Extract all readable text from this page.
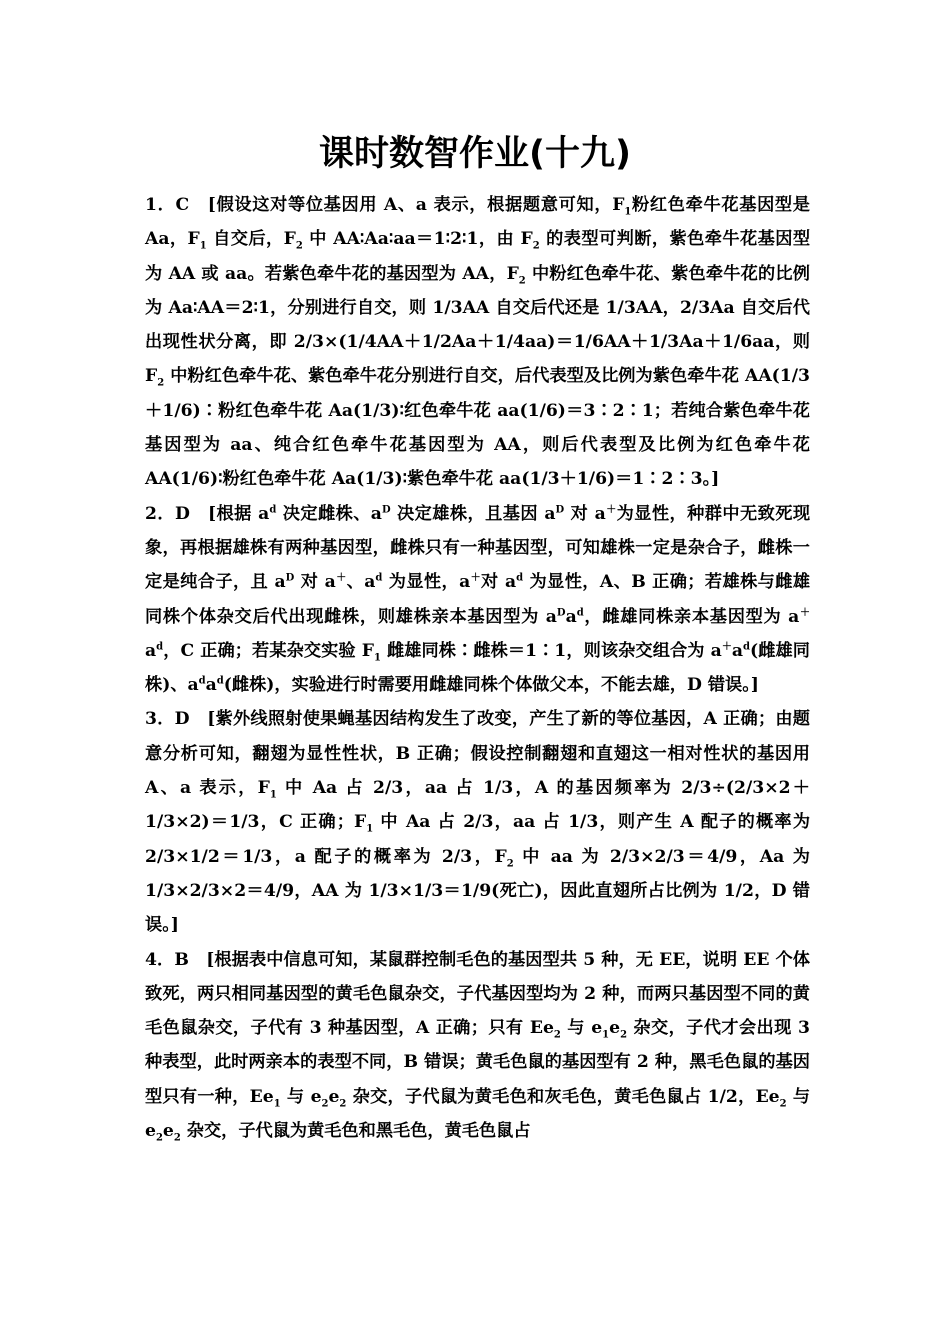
课时数智作业(十九)

1．C　[假设这对等位基因用 A、a 表示，根据题意可知，$F_1$粉红色牵牛花基因型是 Aa，$F_1$ 自交后，$F_2$ 中 AA∶Aa∶aa＝1∶2∶1，由 $F_2$ 的表型可判断，紫色牵牛花基因型为 AA 或 aa。若紫色牵牛花的基因型为 AA，$F_2$ 中粉红色牵牛花、紫色牵牛花的比例为 Aa∶AA＝2∶1，分别进行自交，则 1/3AA 自交后代还是 1/3AA，2/3Aa 自交后代出现性状分离，即 2/3×(1/4AA＋1/2Aa＋1/4aa)＝1/6AA＋1/3Aa＋1/6aa，则 $F_2$ 中粉红色牵牛花、紫色牵牛花分别进行自交，后代表型及比例为紫色牵牛花 AA(1/3＋1/6)∶粉红色牵牛花 Aa(1/3)∶红色牵牛花 aa(1/6)＝3∶2∶1；若纯合紫色牵牛花基因型为 aa、纯合红色牵牛花基因型为 AA，则后代表型及比例为红色牵牛花 AA(1/6)∶粉红色牵牛花 Aa(1/3)∶紫色牵牛花 aa(1/3＋1/6)＝1∶2∶3。]

2．D　[根据 $a^d$ 决定雌株、$a^D$ 决定雄株，且基因 $a^D$ 对 a＋为显性，种群中无致死现象，再根据雄株有两种基因型，雌株只有一种基因型，可知雄株一定是杂合子，雌株一定是纯合子，且 $a^D$ 对 a＋、$a^d$ 为显性，a＋对 $a^d$ 为显性，A、B 正确；若雄株与雌雄同株个体杂交后代出现雌株，则雄株亲本基因型为 $a^Da^d$，雌雄同株亲本基因型为 $a^+a^d$，C 正确；若某杂交实验 $F_1$ 雌雄同株∶雌株＝1∶1，则该杂交组合为 $a^+a^d$(雌雄同株)、$a^da^d$(雌株)，实验进行时需要用雌雄同株个体做父本，不能去雄，D 错误。]

3．D　[紫外线照射使果蝇基因结构发生了改变，产生了新的等位基因，A 正确；由题意分析可知，翻翅为显性性状，B 正确；假设控制翻翅和直翅这一相对性状的基因用 A、a 表示，$F_1$ 中 Aa 占 2/3，aa 占 1/3，A 的基因频率为 2/3÷(2/3×2＋1/3×2)＝1/3，C 正确；$F_1$ 中 Aa 占 2/3，aa 占 1/3，则产生 A 配子的概率为 2/3×1/2＝1/3，a 配子的概率为 2/3，$F_2$ 中 aa 为 2/3×2/3＝4/9，Aa 为 1/3×2/3×2＝4/9，AA 为 1/3×1/3＝1/9(死亡)，因此直翅所占比例为 1/2，D 错误。]

4．B　[根据表中信息可知，某鼠群控制毛色的基因型共 5 种，无 EE，说明 EE 个体致死，两只相同基因型的黄毛色鼠杂交，子代基因型均为 2 种，而两只基因型不同的黄毛色鼠杂交，子代有 3 种基因型，A 正确；只有 $Ee_2$ 与 $e_1e_2$ 杂交，子代才会出现 3 种表型，此时两亲本的表型不同，B 错误；黄毛色鼠的基因型有 2 种，黑毛色鼠的基因型只有一种，$Ee_1$ 与 $e_2e_2$ 杂交，子代鼠为黄毛色和灰毛色，黄毛色鼠占 1/2，$Ee_2$ 与 $e_2e_2$ 杂交，子代鼠为黄毛色和黑毛色，黄毛色鼠占
